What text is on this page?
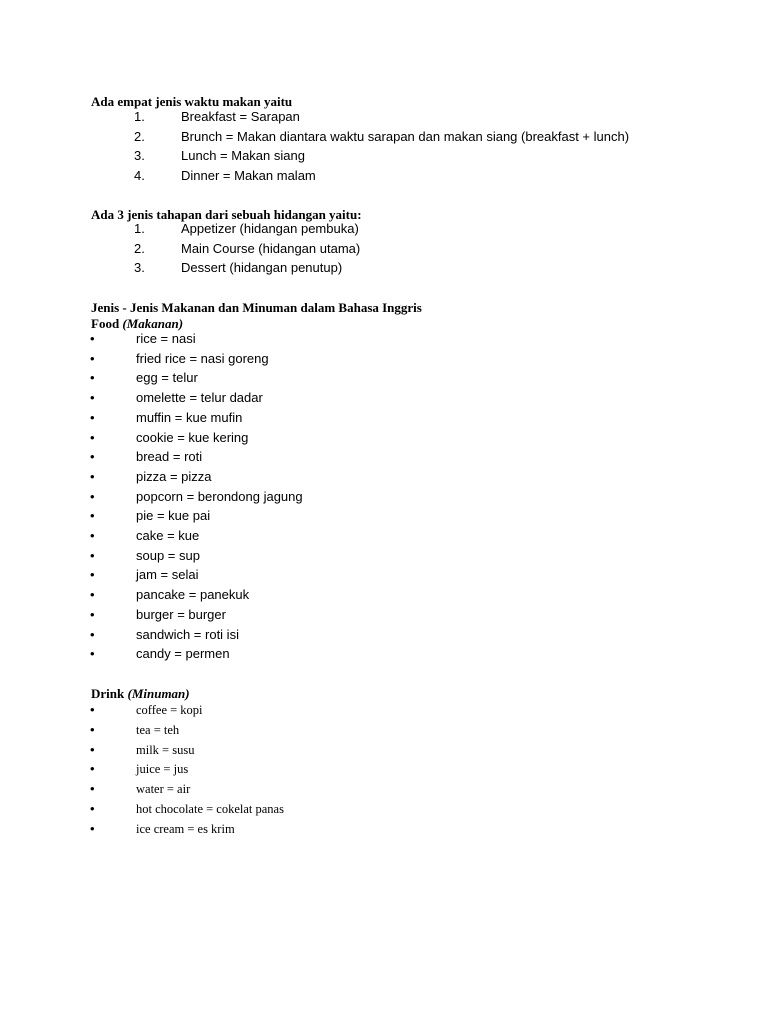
Ada empat jenis waktu makan yaitu
1.	Breakfast = Sarapan
2.	Brunch = Makan diantara waktu sarapan dan makan siang (breakfast + lunch)
3.	Lunch = Makan siang
4.	Dinner = Makan malam
Ada 3 jenis tahapan dari sebuah hidangan yaitu:
1.	Appetizer (hidangan pembuka)
2.	Main Course (hidangan utama)
3.	Dessert (hidangan penutup)
Jenis - Jenis Makanan dan Minuman dalam Bahasa Inggris
Food (Makanan)
•	rice = nasi
•	fried rice = nasi goreng
•	egg = telur
•	omelette = telur dadar
•	muffin = kue mufin
•	cookie = kue kering
•	bread = roti
•	pizza = pizza
•	popcorn = berondong jagung
•	pie = kue pai
•	cake = kue
•	soup = sup
•	jam = selai
•	pancake = panekuk
•	burger = burger
•	sandwich = roti isi
•	candy = permen
Drink (Minuman)
•	coffee = kopi
•	tea = teh
•	milk = susu
•	juice = jus
•	water = air
•	hot chocolate = cokelat panas
•	ice cream = es krim
